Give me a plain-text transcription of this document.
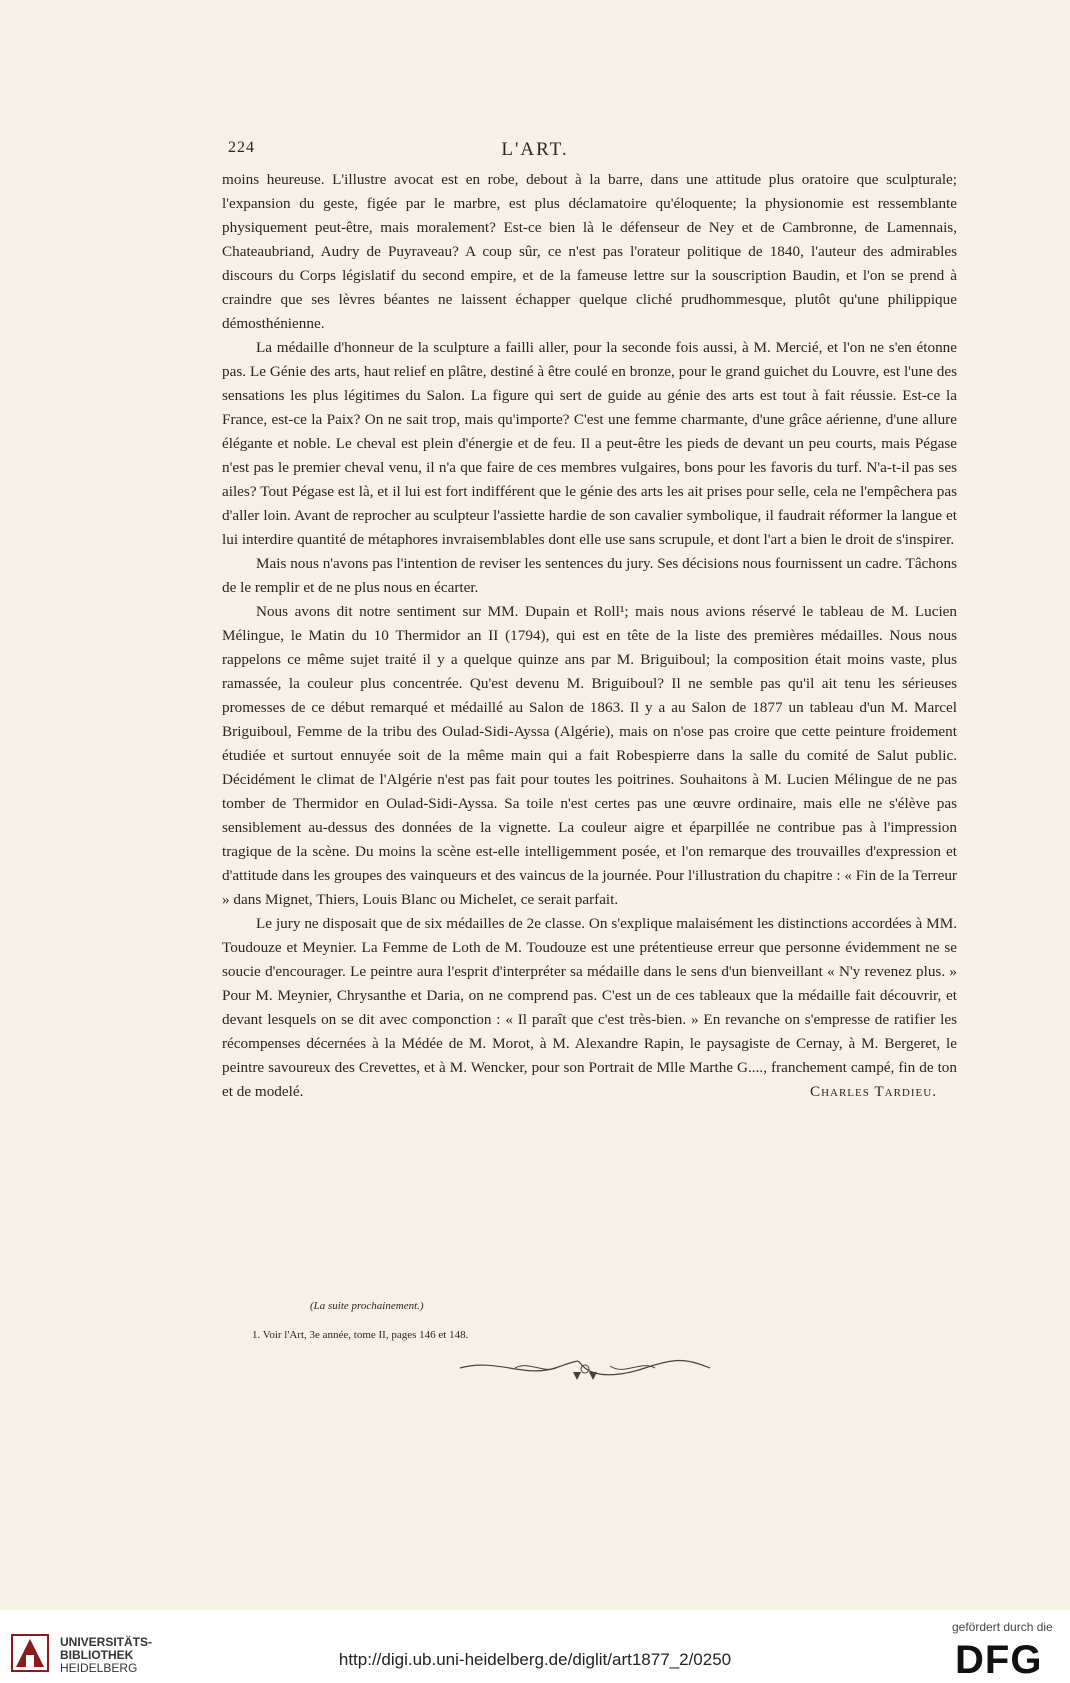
224	L'ART.

moins heureuse. L'illustre avocat est en robe, debout à la barre, dans une attitude plus oratoire que sculpturale; l'expansion du geste, figée par le marbre, est plus déclamatoire qu'éloquente; la physionomie est ressemblante physiquement peut-être, mais moralement? Est-ce bien là le défenseur de Ney et de Cambronne, de Lamennais, Chateaubriand, Audry de Puyraveau? A coup sûr, ce n'est pas l'orateur politique de 1840, l'auteur des admirables discours du Corps législatif du second empire, et de la fameuse lettre sur la souscription Baudin, et l'on se prend à craindre que ses lèvres béantes ne laissent échapper quelque cliché prudhommesque, plutôt qu'une philippique démosthénienne.

La médaille d'honneur de la sculpture a failli aller, pour la seconde fois aussi, à M. Mercié, et l'on ne s'en étonne pas. Le Génie des arts, haut relief en plâtre, destiné à être coulé en bronze, pour le grand guichet du Louvre, est l'une des sensations les plus légitimes du Salon. La figure qui sert de guide au génie des arts est tout à fait réussie. Est-ce la France, est-ce la Paix? On ne sait trop, mais qu'importe? C'est une femme charmante, d'une grâce aérienne, d'une allure élégante et noble. Le cheval est plein d'énergie et de feu. Il a peut-être les pieds de devant un peu courts, mais Pégase n'est pas le premier cheval venu, il n'a que faire de ces membres vulgaires, bons pour les favoris du turf. N'a-t-il pas ses ailes? Tout Pégase est là, et il lui est fort indifférent que le génie des arts les ait prises pour selle, cela ne l'empêchera pas d'aller loin. Avant de reprocher au sculpteur l'assiette hardie de son cavalier symbolique, il faudrait réformer la langue et lui interdire quantité de métaphores invraisemblables dont elle use sans scrupule, et dont l'art a bien le droit de s'inspirer.

Mais nous n'avons pas l'intention de reviser les sentences du jury. Ses décisions nous fournissent un cadre. Tâchons de le remplir et de ne plus nous en écarter.

Nous avons dit notre sentiment sur MM. Dupain et Roll¹; mais nous avions réservé le tableau de M. Lucien Mélingue, le Matin du 10 Thermidor an II (1794), qui est en tête de la liste des premières médailles. Nous nous rappelons ce même sujet traité il y a quelque quinze ans par M. Briguiboul; la composition était moins vaste, plus ramassée, la couleur plus concentrée. Qu'est devenu M. Briguiboul? Il ne semble pas qu'il ait tenu les sérieuses promesses de ce début remarqué et médaillé au Salon de 1863. Il y a au Salon de 1877 un tableau d'un M. Marcel Briguiboul, Femme de la tribu des Oulad-Sidi-Ayssa (Algérie), mais on n'ose pas croire que cette peinture froidement étudiée et surtout ennuyée soit de la même main qui a fait Robespierre dans la salle du comité de Salut public. Décidément le climat de l'Algérie n'est pas fait pour toutes les poitrines. Souhaitons à M. Lucien Mélingue de ne pas tomber de Thermidor en Oulad-Sidi-Ayssa. Sa toile n'est certes pas une œuvre ordinaire, mais elle ne s'élève pas sensiblement au-dessus des données de la vignette. La couleur aigre et éparpillée ne contribue pas à l'impression tragique de la scène. Du moins la scène est-elle intelligemment posée, et l'on remarque des trouvailles d'expression et d'attitude dans les groupes des vainqueurs et des vaincus de la journée. Pour l'illustration du chapitre : « Fin de la Terreur » dans Mignet, Thiers, Louis Blanc ou Michelet, ce serait parfait.

Le jury ne disposait que de six médailles de 2e classe. On s'explique malaisément les distinctions accordées à MM. Toudouze et Meynier. La Femme de Loth de M. Toudouze est une prétentieuse erreur que personne évidemment ne se soucie d'encourager. Le peintre aura l'esprit d'interpréter sa médaille dans le sens d'un bienveillant « N'y revenez plus. » Pour M. Meynier, Chrysanthe et Daria, on ne comprend pas. C'est un de ces tableaux que la médaille fait découvrir, et devant lesquels on se dit avec componction : « Il paraît que c'est très-bien. » En revanche on s'empresse de ratifier les récompenses décernées à la Médée de M. Morot, à M. Alexandre Rapin, le paysagiste de Cernay, à M. Bergeret, le peintre savoureux des Crevettes, et à M. Wencker, pour son Portrait de Mlle Marthe G...., franchement campé, fin de ton et de modelé.	Charles Tardieu.

(La suite prochainement.)
1. Voir l'Art, 3e année, tome II, pages 146 et 148.
UNIVERSITÄTS-
BIBLIOTHEK
HEIDELBERG	http://digi.ub.uni-heidelberg.de/diglit/art1877_2/0250
gefördert durch die
DFG
